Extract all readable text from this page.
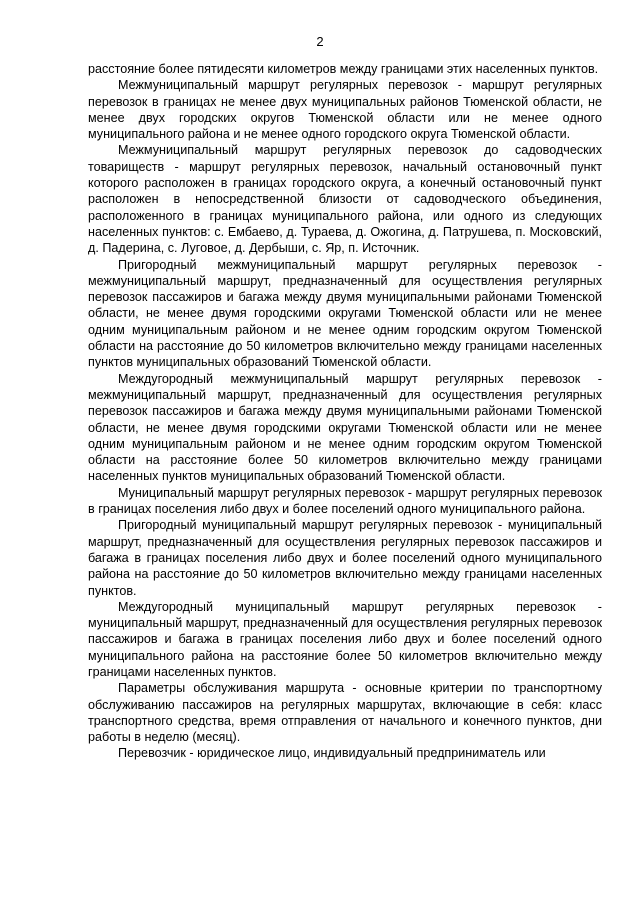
2

расстояние более пятидесяти километров между границами этих населенных пунктов.

Межмуниципальный маршрут регулярных перевозок - маршрут регулярных перевозок в границах не менее двух муниципальных районов Тюменской области, не менее двух городских округов Тюменской области или не менее одного муниципального района и не менее одного городского округа Тюменской области.

Межмуниципальный маршрут регулярных перевозок до садоводческих товариществ - маршрут регулярных перевозок, начальный остановочный пункт которого расположен в границах городского округа, а конечный остановочный пункт расположен в непосредственной близости от садоводческого объединения, расположенного в границах муниципального района, или одного из следующих населенных пунктов: с. Ембаево, д. Тураева, д. Ожогина, д. Патрушева, п. Московский, д. Падерина, с. Луговое, д. Дербыши, с. Яр, п. Источник.

Пригородный межмуниципальный маршрут регулярных перевозок - межмуниципальный маршрут, предназначенный для осуществления регулярных перевозок пассажиров и багажа между двумя муниципальными районами Тюменской области, не менее двумя городскими округами Тюменской области или не менее одним муниципальным районом и не менее одним городским округом Тюменской области на расстояние до 50 километров включительно между границами населенных пунктов муниципальных образований Тюменской области.

Междугородный межмуниципальный маршрут регулярных перевозок - межмуниципальный маршрут, предназначенный для осуществления регулярных перевозок пассажиров и багажа между двумя муниципальными районами Тюменской области, не менее двумя городскими округами Тюменской области или не менее одним муниципальным районом и не менее одним городским округом Тюменской области на расстояние более 50 километров включительно между границами населенных пунктов муниципальных образований Тюменской области.

Муниципальный маршрут регулярных перевозок - маршрут регулярных перевозок в границах поселения либо двух и более поселений одного муниципального района.

Пригородный муниципальный маршрут регулярных перевозок - муниципальный маршрут, предназначенный для осуществления регулярных перевозок пассажиров и багажа в границах поселения либо двух и более поселений одного муниципального района на расстояние до 50 километров включительно между границами населенных пунктов.

Междугородный муниципальный маршрут регулярных перевозок - муниципальный маршрут, предназначенный для осуществления регулярных перевозок пассажиров и багажа в границах поселения либо двух и более поселений одного муниципального района на расстояние более 50 километров включительно между границами населенных пунктов.

Параметры обслуживания маршрута - основные критерии по транспортному обслуживанию пассажиров на регулярных маршрутах, включающие в себя: класс транспортного средства, время отправления от начального и конечного пунктов, дни работы в неделю (месяц).

Перевозчик - юридическое лицо, индивидуальный предприниматель или
